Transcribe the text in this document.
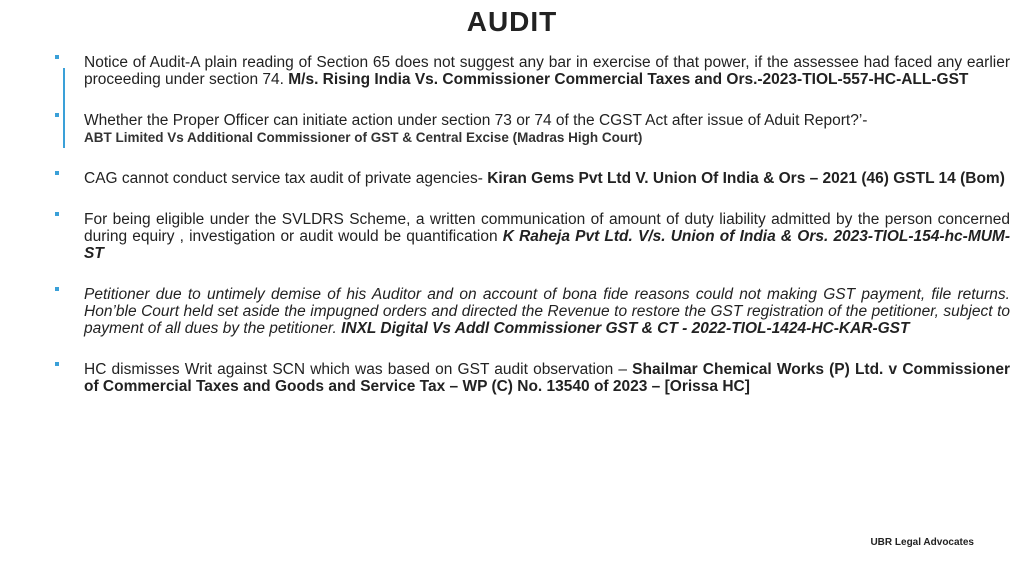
AUDIT
Notice of Audit-A plain reading of Section 65 does not suggest any bar in exercise of that power, if the assessee had faced any earlier proceeding under section 74. M/s. Rising India Vs. Commissioner Commercial Taxes and Ors.-2023-TIOL-557-HC-ALL-GST
Whether the Proper Officer can initiate action under section 73 or 74 of the CGST Act after issue of Aduit Report?’-
ABT Limited Vs Additional Commissioner of GST & Central Excise (Madras High Court)
CAG cannot conduct service tax audit of private agencies- Kiran Gems Pvt Ltd V. Union Of India & Ors – 2021 (46) GSTL 14 (Bom)
For being eligible under the SVLDRS Scheme, a written communication of amount of duty liability admitted by the person concerned during equiry , investigation or audit would be quantification K Raheja Pvt Ltd. V/s. Union of India & Ors. 2023-TIOL-154-hc-MUM-ST
Petitioner due to untimely demise of his Auditor and on account of bona fide reasons could not making GST payment, file returns. Hon’ble Court held set aside the impugned orders and directed the Revenue to restore the GST registration of the petitioner, subject to payment of all dues by the petitioner. INXL Digital Vs Addl Commissioner GST & CT - 2022-TIOL-1424-HC-KAR-GST
HC dismisses Writ against SCN which was based on GST audit observation – Shailmar Chemical Works (P) Ltd. v Commissioner of Commercial Taxes and Goods and Service Tax – WP (C) No. 13540 of 2023 – [Orissa HC]
UBR Legal Advocates
